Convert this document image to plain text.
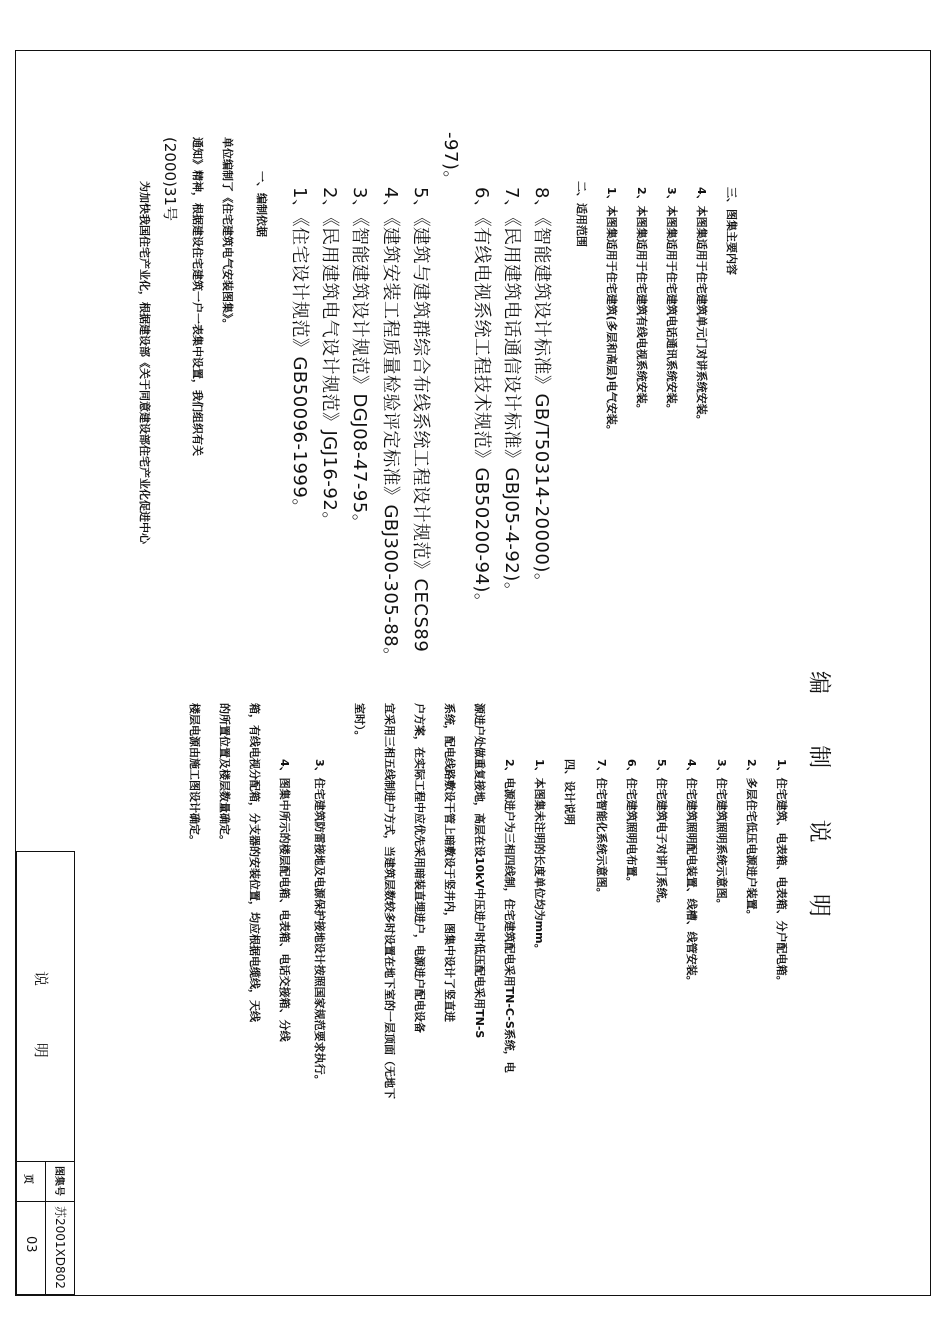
编 制 说 明
为加快我国住宅产业化，根据建设部《关于同意建设部住宅产业化促进中心
(2000)31号 通知》精神，根据建设住宅建筑一户一表集中设置，我们组织有关 单位编制了《住宅建筑电气安装图集》。 一、编制依据 1、《住宅设计规范》GB50096-1999。 2、《民用建筑电气设计规范》JGJ16-92。 3、《智能建筑设计规范》DGJ08-47-95。 4、《建筑安装工程质量检验评定标准》GBJ300-305-88。 5、《建筑与建筑群综合布线系统工程设计规范》CECS89
-97)。
6、《有线电视系统工程技术规范》GB50200-94)。 7、《民用建筑电话通信设计标准》GBJ05-4-92)。 8、《智能建筑设计标准》GB/T50314-20000)。 二、适用范围 1、本图集适用于住宅建筑(多层和高层)电气安装。 2、本图集适用于住宅建筑有线电视系统安装。 3、本图集适用于住宅建筑电话通讯系统安装。 4、本图集适用于住宅建筑单元门对讲系统安装。 三、图集主要内容
1、住宅建筑、电表箱、电表箱、分户配电箱。
2、多层住宅低压电源进户装置。
3、住宅建筑照明系统示意图。
4、住宅建筑照明配电装置、线槽、线管安装。
5、住宅建筑电子对讲门系统。
6、住宅建筑照明电布置。
7、住宅智能化系统示意图。
四、设计说明
1、本图集未注明的长度单位均为mm。
2、电源进户为三相四线制，住宅建筑配电采用TN-C-S系统，电
源进户处做重复接地，高层在设10kV中压进户时低压配电采用TN-S
系统，配电线路敷设干管上暗敷设于竖井内，图集中设计了竖直进
户方案，在实际工程中应优先采用暗装直埋进户，电源进户配电设备
宜采用三相五线制进户方式，当建筑层数较多时设置在地下室的一层顶面（无地下
室时）。
3、住宅建筑防雷接地及电源保护接地设计按照国家规范要求执行。
4、图集中所示的楼层配电箱、电表箱、电话交接箱、分线
箱，有线电视分配箱，分支器的安装位置，均应根据电缆线，天线
的所置位置及楼层数量确定。
楼层电源由施工图设计确定。
说 明
图集号
页
苏2001XD802
03
